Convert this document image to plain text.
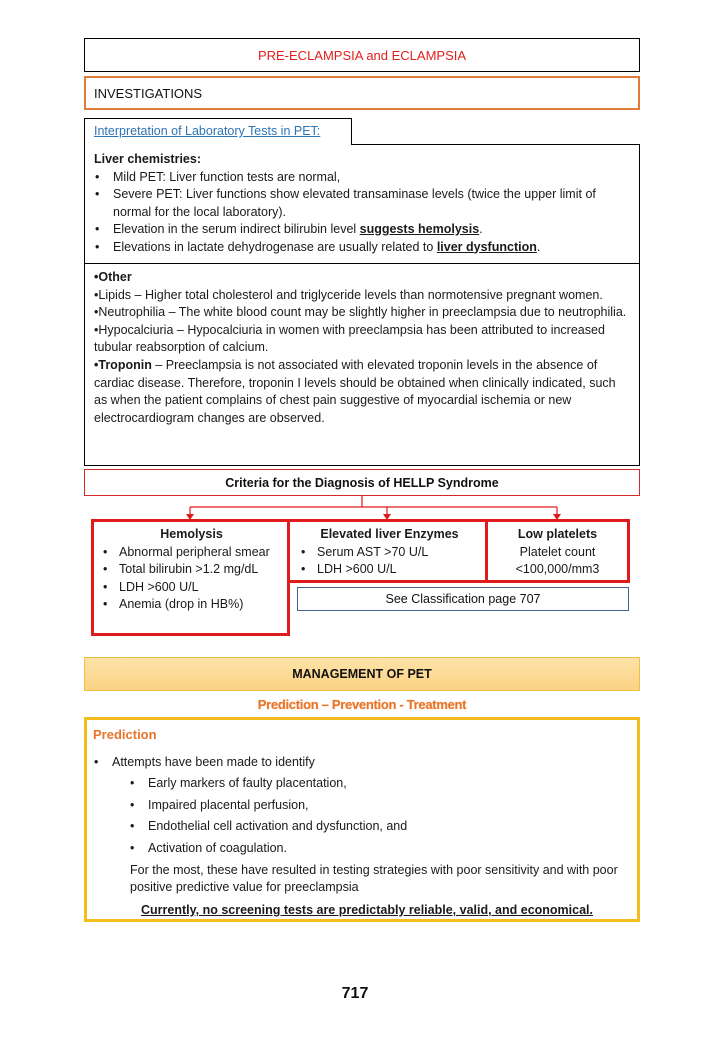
PRE-ECLAMPSIA and ECLAMPSIA
INVESTIGATIONS
Interpretation of Laboratory Tests in PET:
Liver chemistries:
• Mild PET: Liver function tests are normal,
• Severe PET: Liver functions show elevated transaminase levels (twice the upper limit of normal for the local laboratory).
• Elevation in the serum indirect bilirubin level suggests hemolysis.
• Elevations in lactate dehydrogenase are usually related to liver dysfunction.

•Other

•Lipids – Higher total cholesterol and triglyceride levels than normotensive pregnant women.

•Neutrophilia – The white blood count may be slightly higher in preeclampsia due to neutrophilia.

•Hypocalciuria – Hypocalciuria in women with preeclampsia has been attributed to increased tubular reabsorption of calcium.

•Troponin – Preeclampsia is not associated with elevated troponin levels in the absence of cardiac disease. Therefore, troponin I levels should be obtained when clinically indicated, such as when the patient complains of chest pain suggestive of myocardial ischemia or new electrocardiogram changes are observed.

Criteria for the Diagnosis of HELLP Syndrome
Hemolysis
• Abnormal peripheral smear
• Total bilirubin >1.2 mg/dL
• LDH >600 U/L
• Anemia (drop in HB%)
Elevated liver Enzymes
• Serum AST >70 U/L
• LDH >600 U/L
Low platelets
Platelet count
<100,000/mm3
See Classification page 707
MANAGEMENT OF PET
Prediction – Prevention - Treatment
Prediction
• Attempts have been made to identify
• Early markers of faulty placentation,
• Impaired placental perfusion,
• Endothelial cell activation and dysfunction, and
• Activation of coagulation.
For the most, these have resulted in testing strategies with poor sensitivity and with poor positive predictive value for preeclampsia
Currently, no screening tests are predictably reliable, valid, and economical.
717
